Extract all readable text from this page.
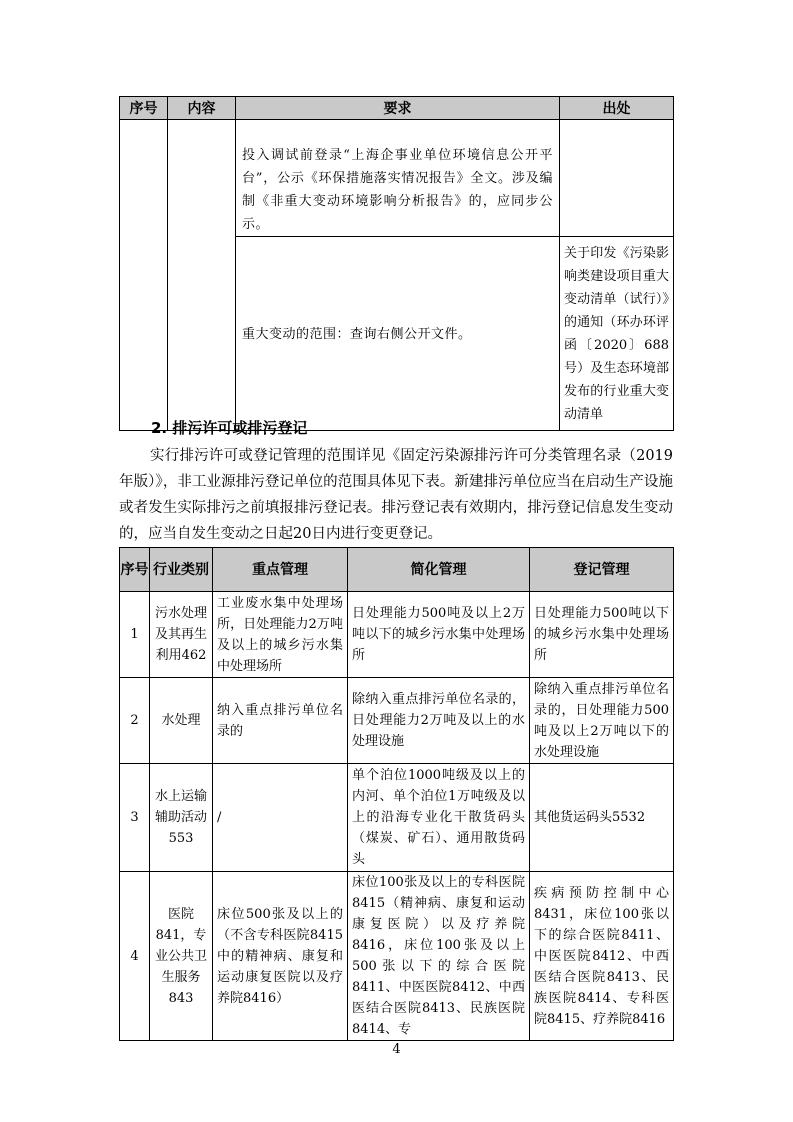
序号	内容	要求	出处
		投入调试前登录“上海企事业单位环境信息公开平台”，公示《环保措施落实情况报告》全文。涉及编制《非重大变动环境影响分析报告》的，应同步公示。	
		重大变动的范围：查询右侧公开文件。	关于印发《污染影响类建设项目重大变动清单（试行）》的通知（环办环评函〔2020〕688号）及生态环境部发布的行业重大变动清单
2. 排污许可或排污登记

实行排污许可或登记管理的范围详见《固定污染源排污许可分类管理名录（2019年版）》，非工业源排污登记单位的范围具体见下表。新建排污单位应当在启动生产设施或者发生实际排污之前填报排污登记表。排污登记表有效期内，排污登记信息发生变动的，应当自发生变动之日起20日内进行变更登记。

序号	行业类别	重点管理	简化管理	登记管理
1	污水处理及其再生利用462	工业废水集中处理场所，日处理能力2万吨及以上的城乡污水集中处理场所	日处理能力500吨及以上2万吨以下的城乡污水集中处理场所	日处理能力500吨以下的城乡污水集中处理场所
2	水处理	纳入重点排污单位名录的	除纳入重点排污单位名录的，日处理能力2万吨及以上的水处理设施	除纳入重点排污单位名录的，日处理能力500吨及以上2万吨以下的水处理设施
3	水上运输辅助活动553	/	单个泊位1000吨级及以上的内河、单个泊位1万吨级及以上的沿海专业化干散货码头（煤炭、矿石）、通用散货码头	其他货运码头5532
4	医院841，专业公共卫生服务843	床位500张及以上的（不含专科医院8415中的精神病、康复和运动康复医院以及疗养院8416）	床位100张及以上的专科医院8415（精神病、康复和运动康复医院）以及疗养院8416，床位100张及以上500张以下的综合医院8411、中医医院8412、中西医结合医院8413、民族医院8414、专	疾病预防控制中心8431，床位100张以下的综合医院8411、中医医院8412、中西医结合医院8413、民族医院8414、专科医院8415、疗养院8416
4
